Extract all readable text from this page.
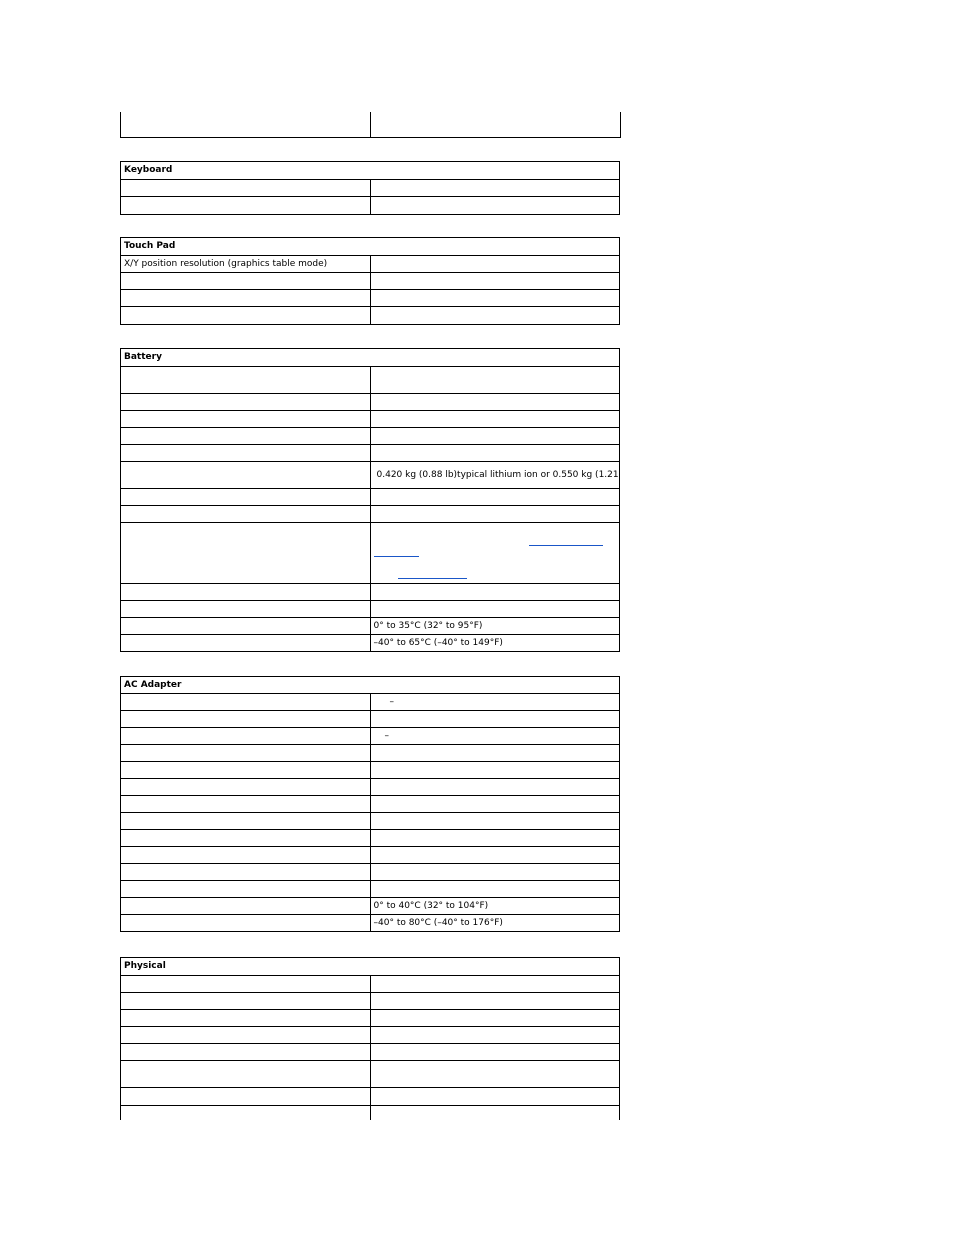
Keyboard	

Touch Pad	
X/Y position resolution (graphics table mode)	

Battery	

	0.420 kg (0.88 lb)typical lithium ion or 0.550 kg (1.21

	0° to 35°C (32° to 95°F)
	–40° to 65°C (–40° to 149°F)
AC Adapter	
	–

	–

	0° to 40°C (32° to 104°F)
	–40° to 80°C (–40° to 176°F)
Physical	
